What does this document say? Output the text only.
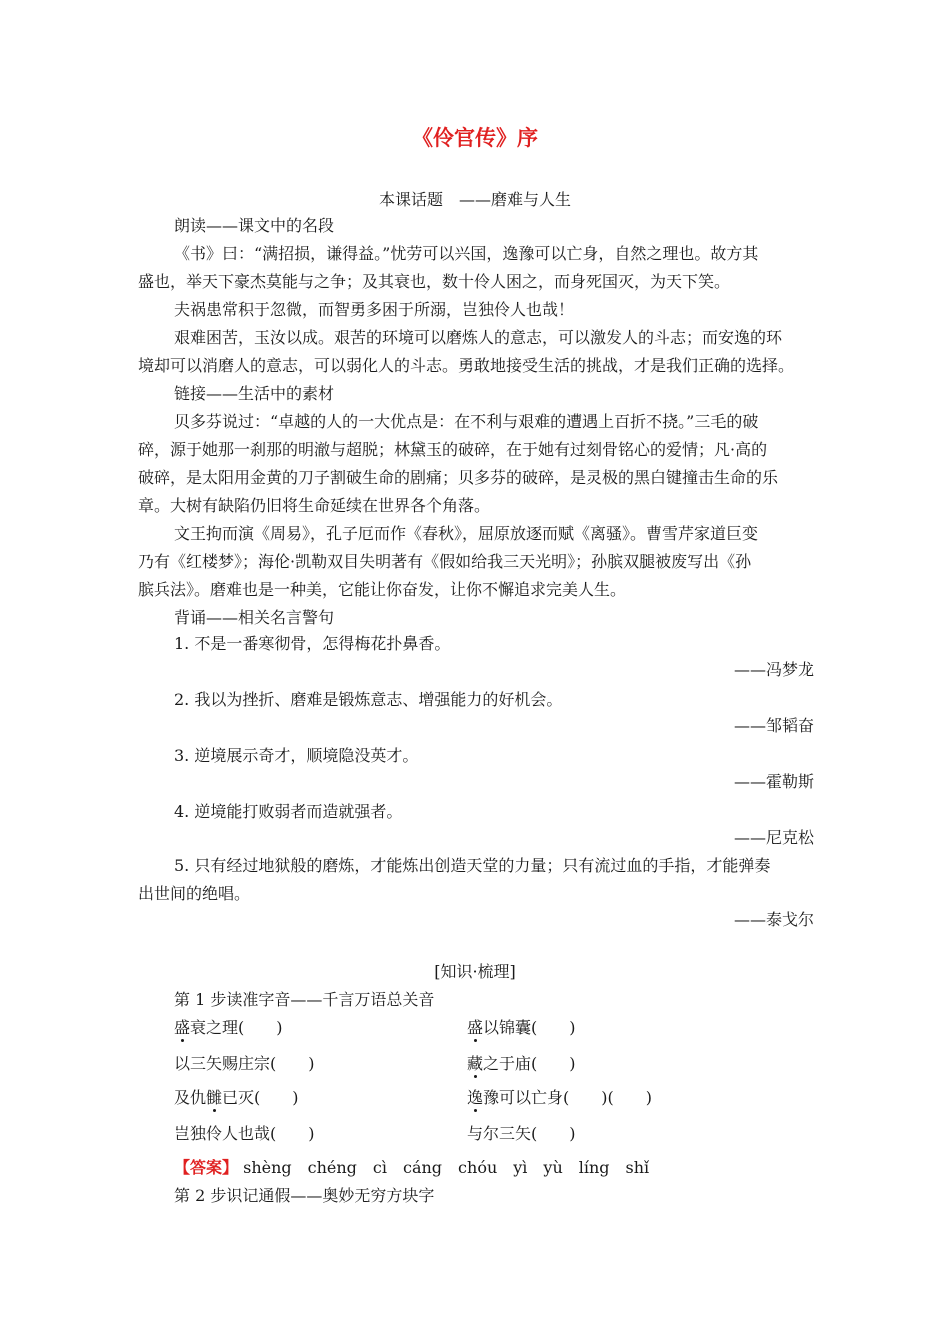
《伶官传》序
本课话题　——磨难与人生
朗读——课文中的名段
《书》曰：“满招损，谦得益。”忧劳可以兴国，逸豫可以亡身，自然之理也。故方其
盛也，举天下豪杰莫能与之争；及其衰也，数十伶人困之，而身死国灭，为天下笑。
夫祸患常积于忽微，而智勇多困于所溺，岂独伶人也哉！
艰难困苦，玉汝以成。艰苦的环境可以磨炼人的意志，可以激发人的斗志；而安逸的环
境却可以消磨人的意志，可以弱化人的斗志。勇敢地接受生活的挑战，才是我们正确的选择。
链接——生活中的素材
贝多芬说过：“卓越的人的一大优点是：在不利与艰难的遭遇上百折不挠。”三毛的破
碎，源于她那一刹那的明澈与超脱；林黛玉的破碎，在于她有过刻骨铭心的爱情；凡·高的
破碎，是太阳用金黄的刀子割破生命的剧痛；贝多芬的破碎，是灵极的黑白键撞击生命的乐
章。大树有缺陷仍旧将生命延续在世界各个角落。
文王拘而演《周易》，孔子厄而作《春秋》，屈原放逐而赋《离骚》。曹雪芹家道巨变
乃有《红楼梦》；海伦·凯勒双目失明著有《假如给我三天光明》；孙膑双腿被废写出《孙
膑兵法》。磨难也是一种美，它能让你奋发，让你不懈追求完美人生。
背诵——相关名言警句
1. 不是一番寒彻骨，怎得梅花扑鼻香。
——冯梦龙
2. 我以为挫折、磨难是锻炼意志、增强能力的好机会。
——邹韬奋
3. 逆境展示奇才，顺境隐没英才。
——霍勒斯
4. 逆境能打败弱者而造就强者。
——尼克松
5. 只有经过地狱般的磨炼，才能炼出创造天堂的力量；只有流过血的手指，才能弹奏
出世间的绝唱。
——泰戈尔
[知识·梳理]
第 1 步读准字音——千言万语总关音
盛衰之理(　　)	盛以锦囊(　　)
以三矢赐庄宗(　　)	藏之于庙(　　)
及仇雠已灭(　　)	逸豫可以亡身(　　)(　　)
岂独伶人也哉(　　)	与尔三矢(　　)
【答案】 shèng　chéng　cì　cáng　chóu　yì　yù　líng　shǐ
第 2 步识记通假——奥妙无穷方块字
